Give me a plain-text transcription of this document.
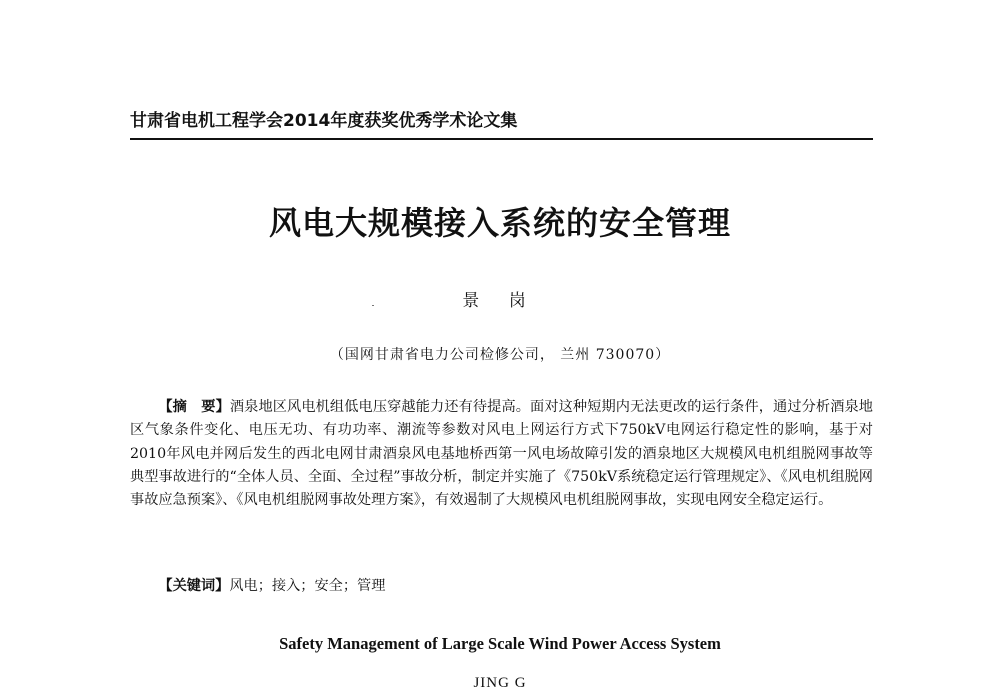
甘肃省电机工程学会2014年度获奖优秀学术论文集
风电大规模接入系统的安全管理
景 岗
（国网甘肃省电力公司检修公司， 兰州 730070）

【摘　要】酒泉地区风电机组低电压穿越能力还有待提高。面对这种短期内无法更改的运行条件，通过分析酒泉地区气象条件变化、电压无功、有功功率、潮流等参数对风电上网运行方式下750kV电网运行稳定性的影响，基于对2010年风电并网后发生的西北电网甘肃酒泉风电基地桥西第一风电场故障引发的酒泉地区大规模风电机组脱网事故等典型事故进行的“全体人员、全面、全过程”事故分析，制定并实施了《750kV系统稳定运行管理规定》、《风电机组脱网事故应急预案》、《风电机组脱网事故处理方案》，有效遏制了大规模风电机组脱网事故，实现电网安全稳定运行。

【关键词】风电；接入；安全；管理

Safety Management of Large Scale Wind Power Access System
JING G
